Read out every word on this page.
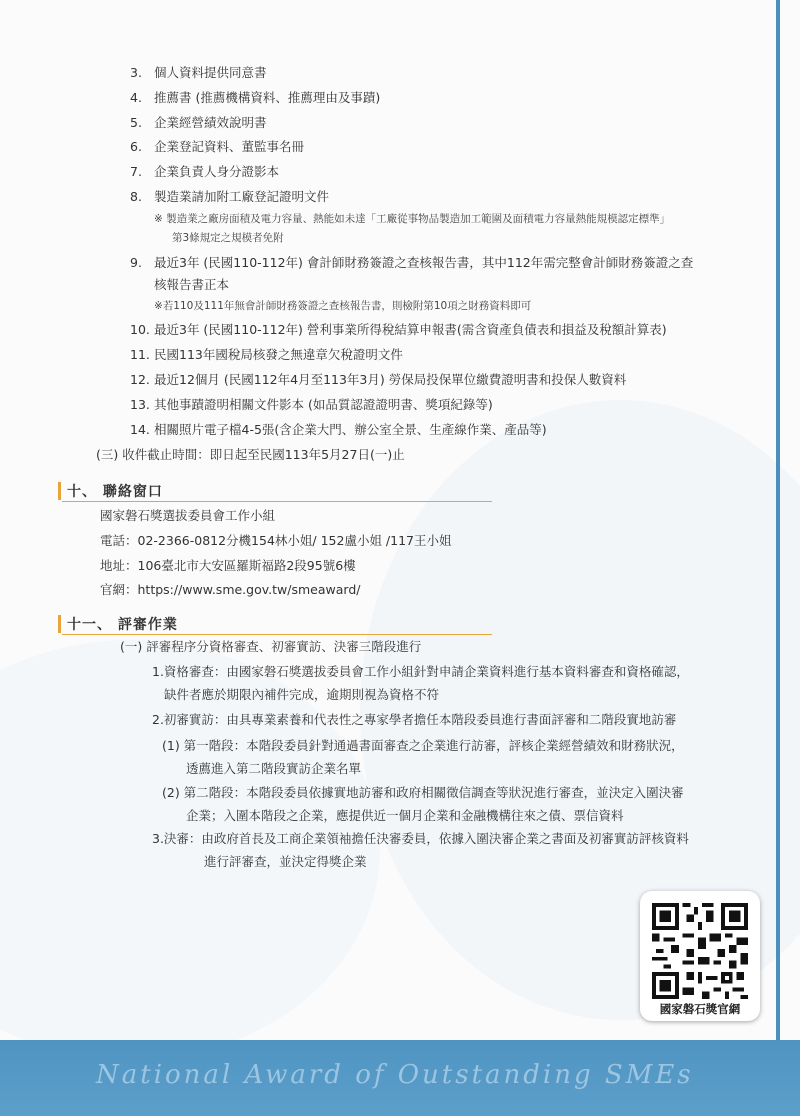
3. 個人資料提供同意書
4. 推薦書 (推薦機構資料、推薦理由及事蹟)
5. 企業經營績效說明書
6. 企業登記資料、董監事名冊
7. 企業負責人身分證影本
8. 製造業請加附工廠登記證明文件
※ 製造業之廠房面積及電力容量、熱能如未達「工廠從事物品製造加工範圍及面積電力容量熱能規模認定標準」
第3條規定之規模者免附
9. 最近3年 (民國110-112年) 會計師財務簽證之查核報告書，其中112年需完整會計師財務簽證之查
核報告書正本
※若110及111年無會計師財務簽證之查核報告書，則檢附第10項之財務資料即可
10. 最近3年 (民國110-112年) 營利事業所得稅結算申報書(需含資產負債表和損益及稅額計算表)
11. 民國113年國稅局核發之無違章欠稅證明文件
12. 最近12個月 (民國112年4月至113年3月) 勞保局投保單位繳費證明書和投保人數資料
13. 其他事蹟證明相關文件影本 (如品質認證證明書、獎項紀錄等)
14. 相關照片電子檔4-5張(含企業大門、辦公室全景、生產線作業、產品等)
(三) 收件截止時間：即日起至民國113年5月27日(一)止
十、 聯絡窗口
國家磐石獎選拔委員會工作小組
電話：02-2366-0812分機154林小姐/ 152盧小姐 /117王小姐
地址：106臺北市大安區羅斯福路2段95號6樓
官網：https://www.sme.gov.tw/smeaward/
十一、 評審作業
(一) 評審程序分資格審查、初審實訪、決審三階段進行
1.資格審查：由國家磐石獎選拔委員會工作小組針對申請企業資料進行基本資料審查和資格確認，
缺件者應於期限內補件完成，逾期則視為資格不符
2.初審實訪：由具專業素養和代表性之專家學者擔任本階段委員進行書面評審和二階段實地訪審
(1) 第一階段：本階段委員針對通過書面審查之企業進行訪審，評核企業經營績效和財務狀況，
透薦進入第二階段實訪企業名單
(2) 第二階段：本階段委員依據實地訪審和政府相關徵信調查等狀況進行審查，並決定入圍決審
企業；入圍本階段之企業，應提供近一個月企業和金融機構往來之債、票信資料
3.決審：由政府首長及工商企業領袖擔任決審委員，依據入圍決審企業之書面及初審實訪評核資料
進行評審查，並決定得獎企業
國家磐石獎官網
National Award of Outstanding SMEs
